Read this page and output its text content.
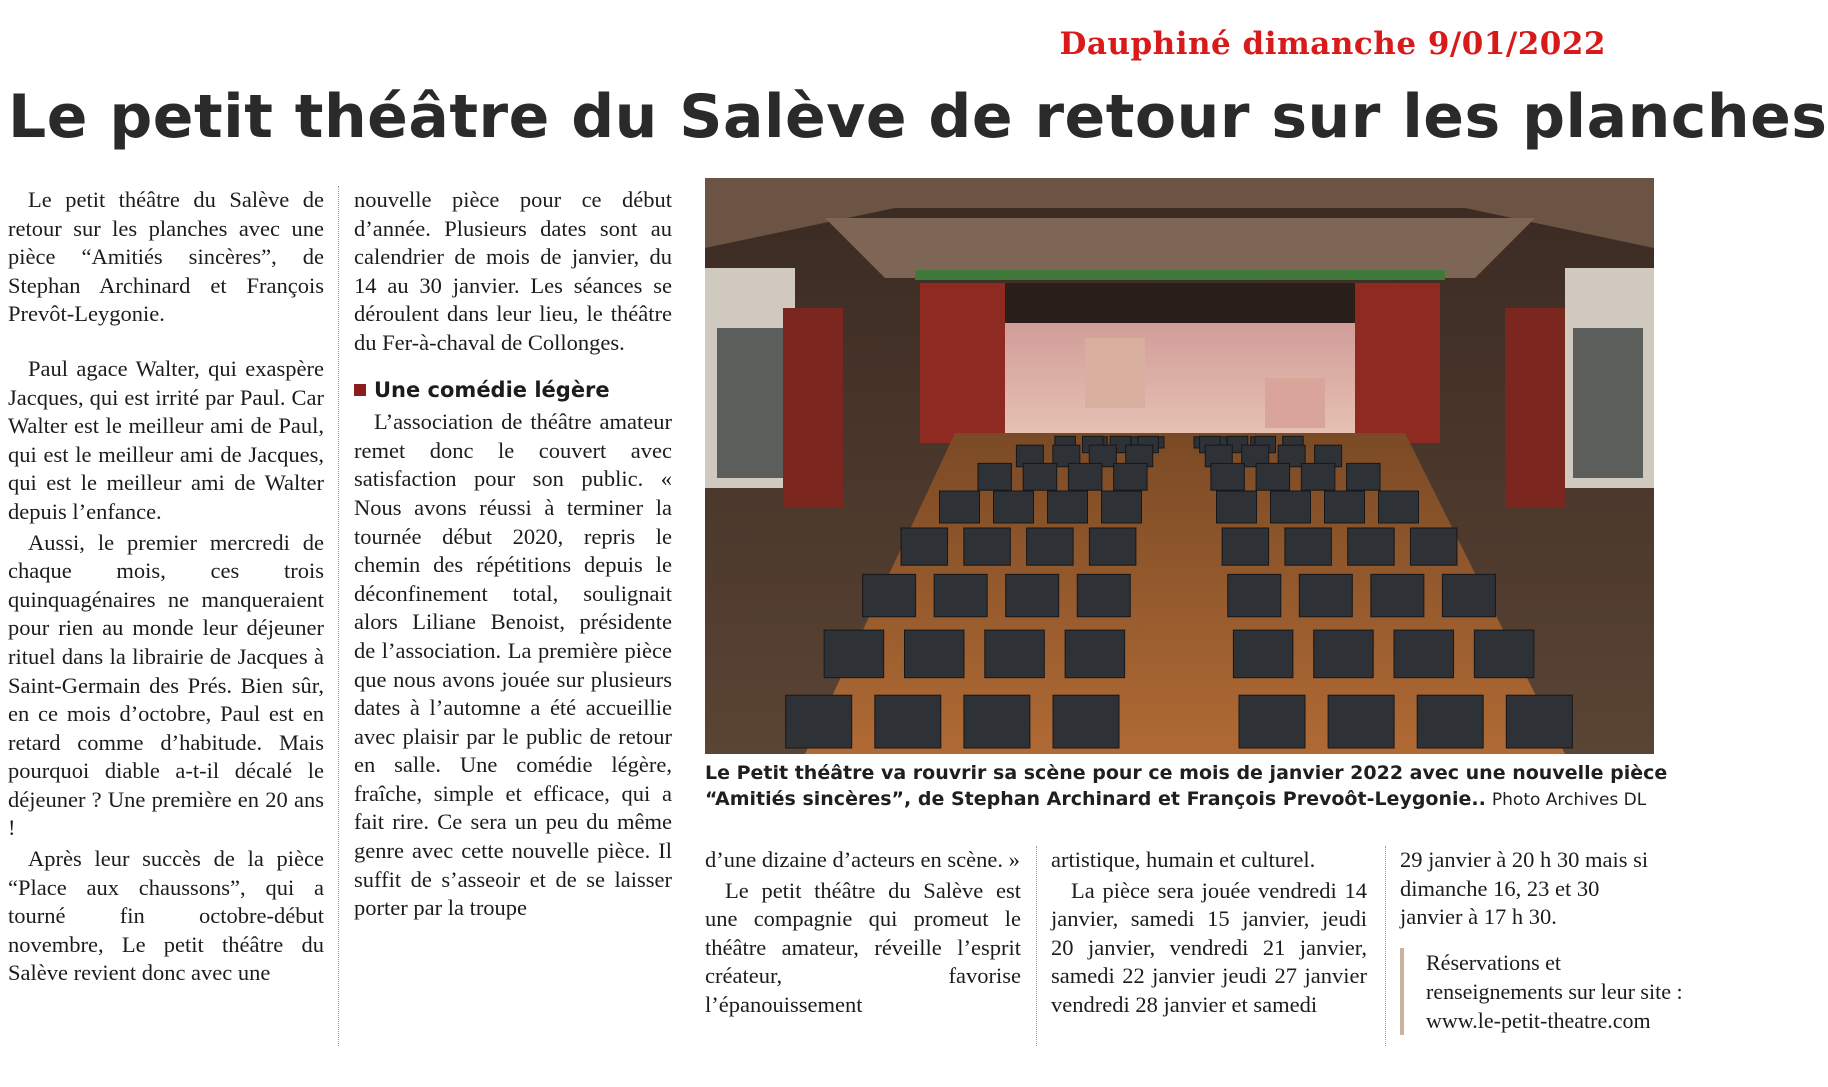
Dauphiné dimanche 9/01/2022
Le petit théâtre du Salève de retour sur les planches

Le petit théâtre du Salève de retour sur les planches avec une pièce “Amitiés sincères”, de Stephan Archinard et François Prevôt-Leygonie.

Paul agace Walter, qui exaspère Jacques, qui est irrité par Paul. Car Walter est le meilleur ami de Paul, qui est le meilleur ami de Jacques, qui est le meilleur ami de Walter depuis l’enfance.

Aussi, le premier mercredi de chaque mois, ces trois quinquagénaires ne manqueraient pour rien au monde leur déjeuner rituel dans la librairie de Jacques à Saint-Germain des Prés. Bien sûr, en ce mois d’octobre, Paul est en retard comme d’habitude. Mais pourquoi diable a-t-il décalé le déjeuner ? Une première en 20 ans !

Après leur succès de la pièce “Place aux chaussons”, qui a tourné fin octobre-début novembre, Le petit théâtre du Salève revient donc avec une

nouvelle pièce pour ce début d’année. Plusieurs dates sont au calendrier de mois de janvier, du 14 au 30 janvier. Les séances se déroulent dans leur lieu, le théâtre du Fer-à-chaval de Collonges.

Une comédie légère

L’association de théâtre amateur remet donc le couvert avec satisfaction pour son public. « Nous avons réussi à terminer la tournée début 2020, repris le chemin des répétitions depuis le déconfinement total, soulignait alors Liliane Benoist, présidente de l’association. La première pièce que nous avons jouée sur plusieurs dates à l’automne a été accueillie avec plaisir par le public de retour en salle. Une comédie légère, fraîche, simple et efficace, qui a fait rire. Ce sera un peu du même genre avec cette nouvelle pièce. Il suffit de s’asseoir et de se laisser porter par la troupe

Le Petit théâtre va rouvrir sa scène pour ce mois de janvier 2022 avec une nouvelle pièce
“Amitiés sincères”, de Stephan Archinard et François Prevoôt-Leygonie.. Photo Archives DL

d’une dizaine d’acteurs en scène. »

Le petit théâtre du Salève est une compagnie qui promeut le théâtre amateur, réveille l’esprit créateur, favorise l’épanouissement

artistique, humain et culturel.

La pièce sera jouée vendredi 14 janvier, samedi 15 janvier, jeudi 20 janvier, vendredi 21 janvier, samedi 22 janvier jeudi 27 janvier vendredi 28 janvier et samedi

29 janvier à 20 h 30 mais si dimanche 16, 23 et 30 janvier à 17 h 30.

Réservations et renseignements sur leur site : www.le-petit-theatre.com
